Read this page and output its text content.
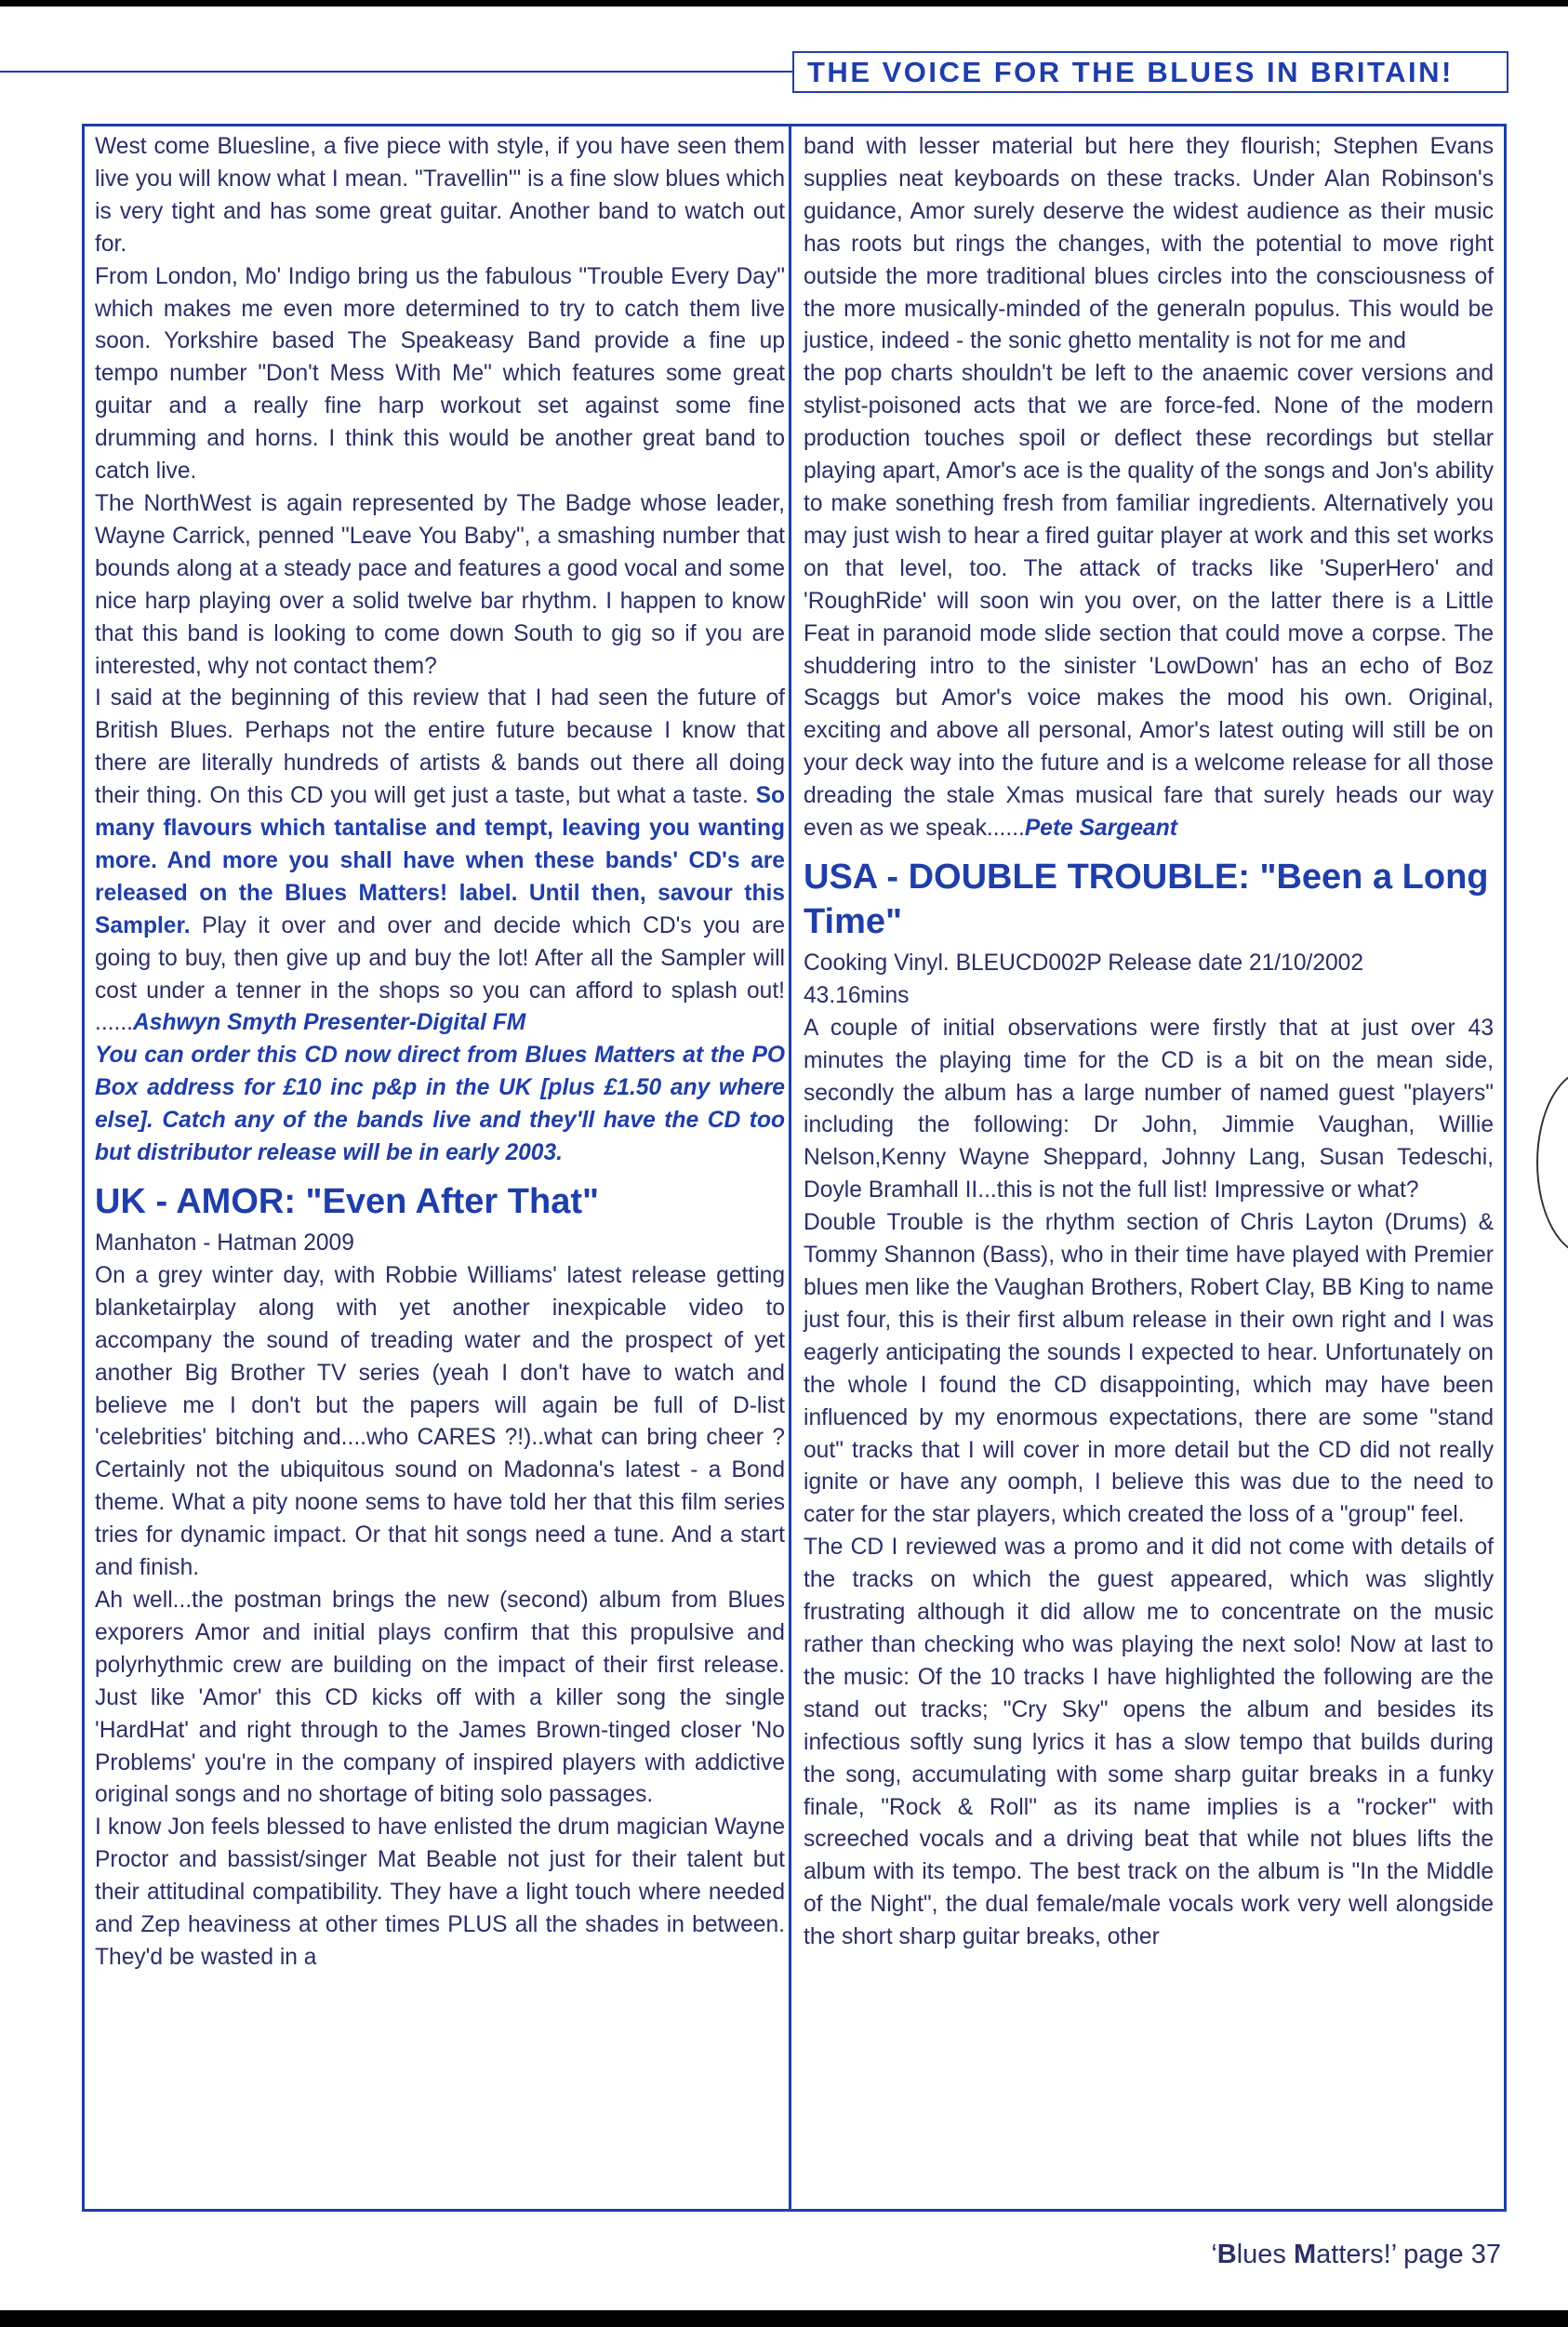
THE VOICE FOR THE BLUES IN BRITAIN!

West come Bluesline, a five piece with style, if you have seen them live you will know what I mean. "Travellin'" is a fine slow blues which is very tight and has some great guitar. Another band to watch out for.

From London, Mo' Indigo bring us the fabulous "Trouble Every Day" which makes me even more determined to try to catch them live soon. Yorkshire based The Speakeasy Band provide a fine up tempo number "Don't Mess With Me" which features some great guitar and a really fine harp workout set against some fine drumming and horns. I think this would be another great band to catch live.

The NorthWest is again represented by The Badge whose leader, Wayne Carrick, penned "Leave You Baby", a smashing number that bounds along at a steady pace and features a good vocal and some nice harp playing over a solid twelve bar rhythm. I happen to know that this band is looking to come down South to gig so if you are interested, why not contact them?

I said at the beginning of this review that I had seen the future of British Blues. Perhaps not the entire future because I know that there are literally hundreds of artists & bands out there all doing their thing. On this CD you will get just a taste, but what a taste. So many flavours which tantalise and tempt, leaving you wanting more. And more you shall have when these bands' CD's are released on the Blues Matters! label. Until then, savour this Sampler. Play it over and over and decide which CD's you are going to buy, then give up and buy the lot! After all the Sampler will cost under a tenner in the shops so you can afford to splash out! ......Ashwyn Smyth Presenter-Digital FM

You can order this CD now direct from Blues Matters at the PO Box address for £10 inc p&p in the UK [plus £1.50 any where else]. Catch any of the bands live and they'll have the CD too but distributor release will be in early 2003.

UK - AMOR: "Even After That"

Manhaton - Hatman 2009

On a grey winter day, with Robbie Williams' latest release getting blanketairplay along with yet another inexpicable video to accompany the sound of treading water and the prospect of yet another Big Brother TV series (yeah I don't have to watch and believe me I don't but the papers will again be full of D-list 'celebrities' bitching and....who CARES ?!)..what can bring cheer ? Certainly not the ubiquitous sound on Madonna's latest - a Bond theme. What a pity noone sems to have told her that this film series tries for dynamic impact. Or that hit songs need a tune. And a start and finish.

Ah well...the postman brings the new (second) album from Blues exporers Amor and initial plays confirm that this propulsive and polyrhythmic crew are building on the impact of their first release. Just like 'Amor' this CD kicks off with a killer song the single 'HardHat' and right through to the James Brown-tinged closer 'No Problems' you're in the company of inspired players with addictive original songs and no shortage of biting solo passages.

I know Jon feels blessed to have enlisted the drum magician Wayne Proctor and bassist/singer Mat Beable not just for their talent but their attitudinal compatibility. They have a light touch where needed and Zep heaviness at other times PLUS all the shades in between. They'd be wasted in a

band with lesser material but here they flourish; Stephen Evans supplies neat keyboards on these tracks. Under Alan Robinson's guidance, Amor surely deserve the widest audience as their music has roots but rings the changes, with the potential to move right outside the more traditional blues circles into the consciousness of the more musically-minded of the generaln populus. This would be justice, indeed - the sonic ghetto mentality is not for me and

the pop charts shouldn't be left to the anaemic cover versions and stylist-poisoned acts that we are force-fed. None of the modern production touches spoil or deflect these recordings but stellar playing apart, Amor's ace is the quality of the songs and Jon's ability to make sonething fresh from familiar ingredients. Alternatively you may just wish to hear a fired guitar player at work and this set works on that level, too. The attack of tracks like 'SuperHero' and 'RoughRide' will soon win you over, on the latter there is a Little Feat in paranoid mode slide section that could move a corpse. The shuddering intro to the sinister 'LowDown' has an echo of Boz Scaggs but Amor's voice makes the mood his own. Original, exciting and above all personal, Amor's latest outing will still be on your deck way into the future and is a welcome release for all those dreading the stale Xmas musical fare that surely heads our way even as we speak......Pete Sargeant

USA - DOUBLE TROUBLE: "Been a Long Time"

Cooking Vinyl. BLEUCD002P Release date 21/10/2002

43.16mins

A couple of initial observations were firstly that at just over 43 minutes the playing time for the CD is a bit on the mean side, secondly the album has a large number of named guest "players" including the following: Dr John, Jimmie Vaughan, Willie Nelson,Kenny Wayne Sheppard, Johnny Lang, Susan Tedeschi, Doyle Bramhall II...this is not the full list! Impressive or what?

Double Trouble is the rhythm section of Chris Layton (Drums) & Tommy Shannon (Bass), who in their time have played with Premier blues men like the Vaughan Brothers, Robert Clay, BB King to name just four, this is their first album release in their own right and I was eagerly anticipating the sounds I expected to hear. Unfortunately on the whole I found the CD disappointing, which may have been influenced by my enormous expectations, there are some "stand out" tracks that I will cover in more detail but the CD did not really ignite or have any oomph, I believe this was due to the need to cater for the star players, which created the loss of a "group" feel.

The CD I reviewed was a promo and it did not come with details of the tracks on which the guest appeared, which was slightly frustrating although it did allow me to concentrate on the music rather than checking who was playing the next solo! Now at last to the music: Of the 10 tracks I have highlighted the following are the stand out tracks; "Cry Sky" opens the album and besides its infectious softly sung lyrics it has a slow tempo that builds during the song, accumulating with some sharp guitar breaks in a funky finale, "Rock & Roll" as its name implies is a "rocker" with screeched vocals and a driving beat that while not blues lifts the album with its tempo. The best track on the album is "In the Middle of the Night", the dual female/male vocals work very well alongside the short sharp guitar breaks, other

‘Blues Matters!’ page 37
